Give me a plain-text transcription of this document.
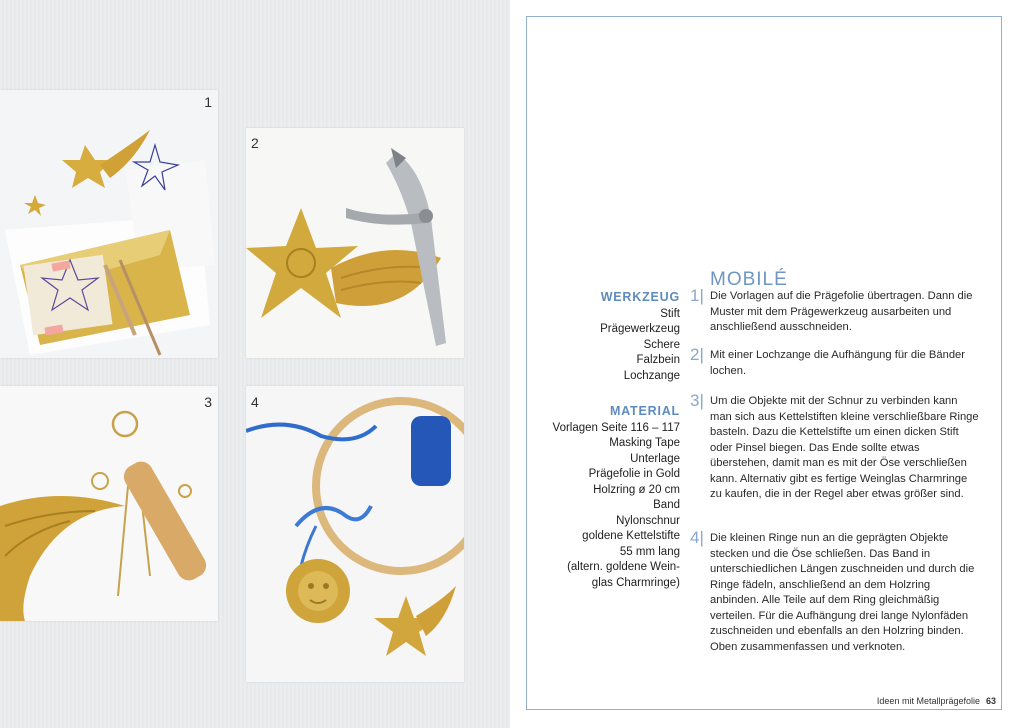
1
2
3	4
MOBILÉ
WERKZEUG
Stift
Prägewerkzeug
Schere
Falzbein
Lochzange
MATERIAL
Vorlagen Seite 116 – 117
Masking Tape
Unterlage
Prägefolie in Gold
Holzring ø 20 cm
Band
Nylonschnur
goldene Kettelstifte
55 mm lang
(altern. goldene Wein-
glas Charmringe)
1| Die Vorlagen auf die Prägefolie übertragen. Dann die Muster mit dem Prägewerkzeug ausarbeiten und anschließend ausschneiden.
2| Mit einer Lochzange die Aufhängung für die Bänder lochen.
3| Um die Objekte mit der Schnur zu verbinden kann man sich aus Kettelstiften kleine verschließbare Ringe basteln. Dazu die Kettelstifte um einen dicken Stift oder Pinsel biegen. Das Ende sollte etwas überstehen, damit man es mit der Öse verschließen kann. Alternativ gibt es fertige Weinglas Charmringe zu kaufen, die in der Regel aber etwas größer sind.
4| Die kleinen Ringe nun an die geprägten Objekte stecken und die Öse schließen. Das Band in unterschiedlichen Längen zuschneiden und durch die Ringe fädeln, anschließend an dem Holzring anbinden. Alle Teile auf dem Ring gleichmäßig verteilen. Für die Aufhängung drei lange Nylonfäden zuschneiden und ebenfalls an den Holzring binden. Oben zusammenfassen und verknoten.
Ideen mit Metallprägefolie 63
